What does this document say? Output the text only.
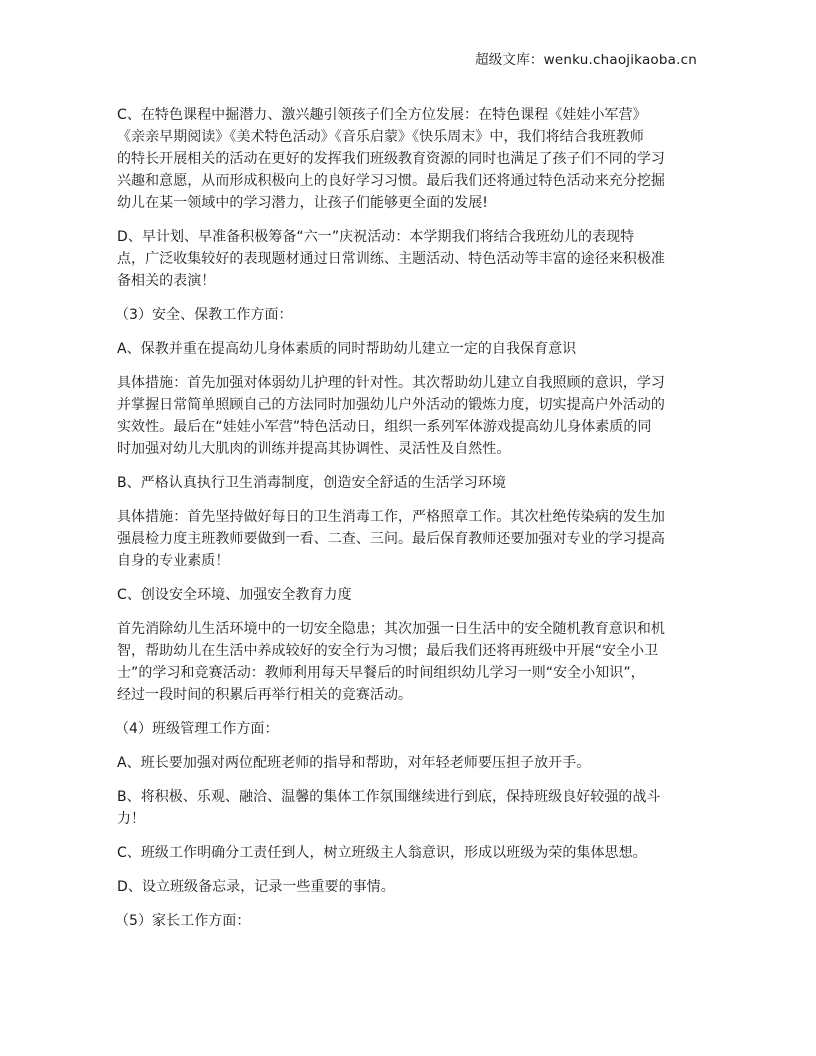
超级文库：wenku.chaojikaoba.cn

C、在特色课程中掘潜力、激兴趣引领孩子们全方位发展：在特色课程《娃娃小军营》
《亲亲早期阅读》《美术特色活动》《音乐启蒙》《快乐周末》中，我们将结合我班教师
的特长开展相关的活动在更好的发挥我们班级教育资源的同时也满足了孩子们不同的学习
兴趣和意愿，从而形成积极向上的良好学习习惯。最后我们还将通过特色活动来充分挖掘
幼儿在某一领域中的学习潜力，让孩子们能够更全面的发展!

D、早计划、早准备积极筹备“六一”庆祝活动：本学期我们将结合我班幼儿的表现特
点，广泛收集较好的表现题材通过日常训练、主题活动、特色活动等丰富的途径来积极准
备相关的表演！

（3）安全、保教工作方面：

A、保教并重在提高幼儿身体素质的同时帮助幼儿建立一定的自我保育意识

具体措施：首先加强对体弱幼儿护理的针对性。其次帮助幼儿建立自我照顾的意识，学习
并掌握日常简单照顾自己的方法同时加强幼儿户外活动的锻炼力度，切实提高户外活动的
实效性。最后在“娃娃小军营”特色活动日，组织一系列军体游戏提高幼儿身体素质的同
时加强对幼儿大肌肉的训练并提高其协调性、灵活性及自然性。

B、严格认真执行卫生消毒制度，创造安全舒适的生活学习环境

具体措施：首先坚持做好每日的卫生消毒工作，严格照章工作。其次杜绝传染病的发生加
强晨检力度主班教师要做到一看、二查、三问。最后保育教师还要加强对专业的学习提高
自身的专业素质！

C、创设安全环境、加强安全教育力度

首先消除幼儿生活环境中的一切安全隐患；其次加强一日生活中的安全随机教育意识和机
智，帮助幼儿在生活中养成较好的安全行为习惯；最后我们还将再班级中开展“安全小卫
士”的学习和竞赛活动：教师利用每天早餐后的时间组织幼儿学习一则“安全小知识”，
经过一段时间的积累后再举行相关的竞赛活动。

（4）班级管理工作方面：

A、班长要加强对两位配班老师的指导和帮助，对年轻老师要压担子放开手。

B、将积极、乐观、融洽、温馨的集体工作氛围继续进行到底，保持班级良好较强的战斗
力！

C、班级工作明确分工责任到人，树立班级主人翁意识，形成以班级为荣的集体思想。

D、设立班级备忘录，记录一些重要的事情。

（5）家长工作方面：
